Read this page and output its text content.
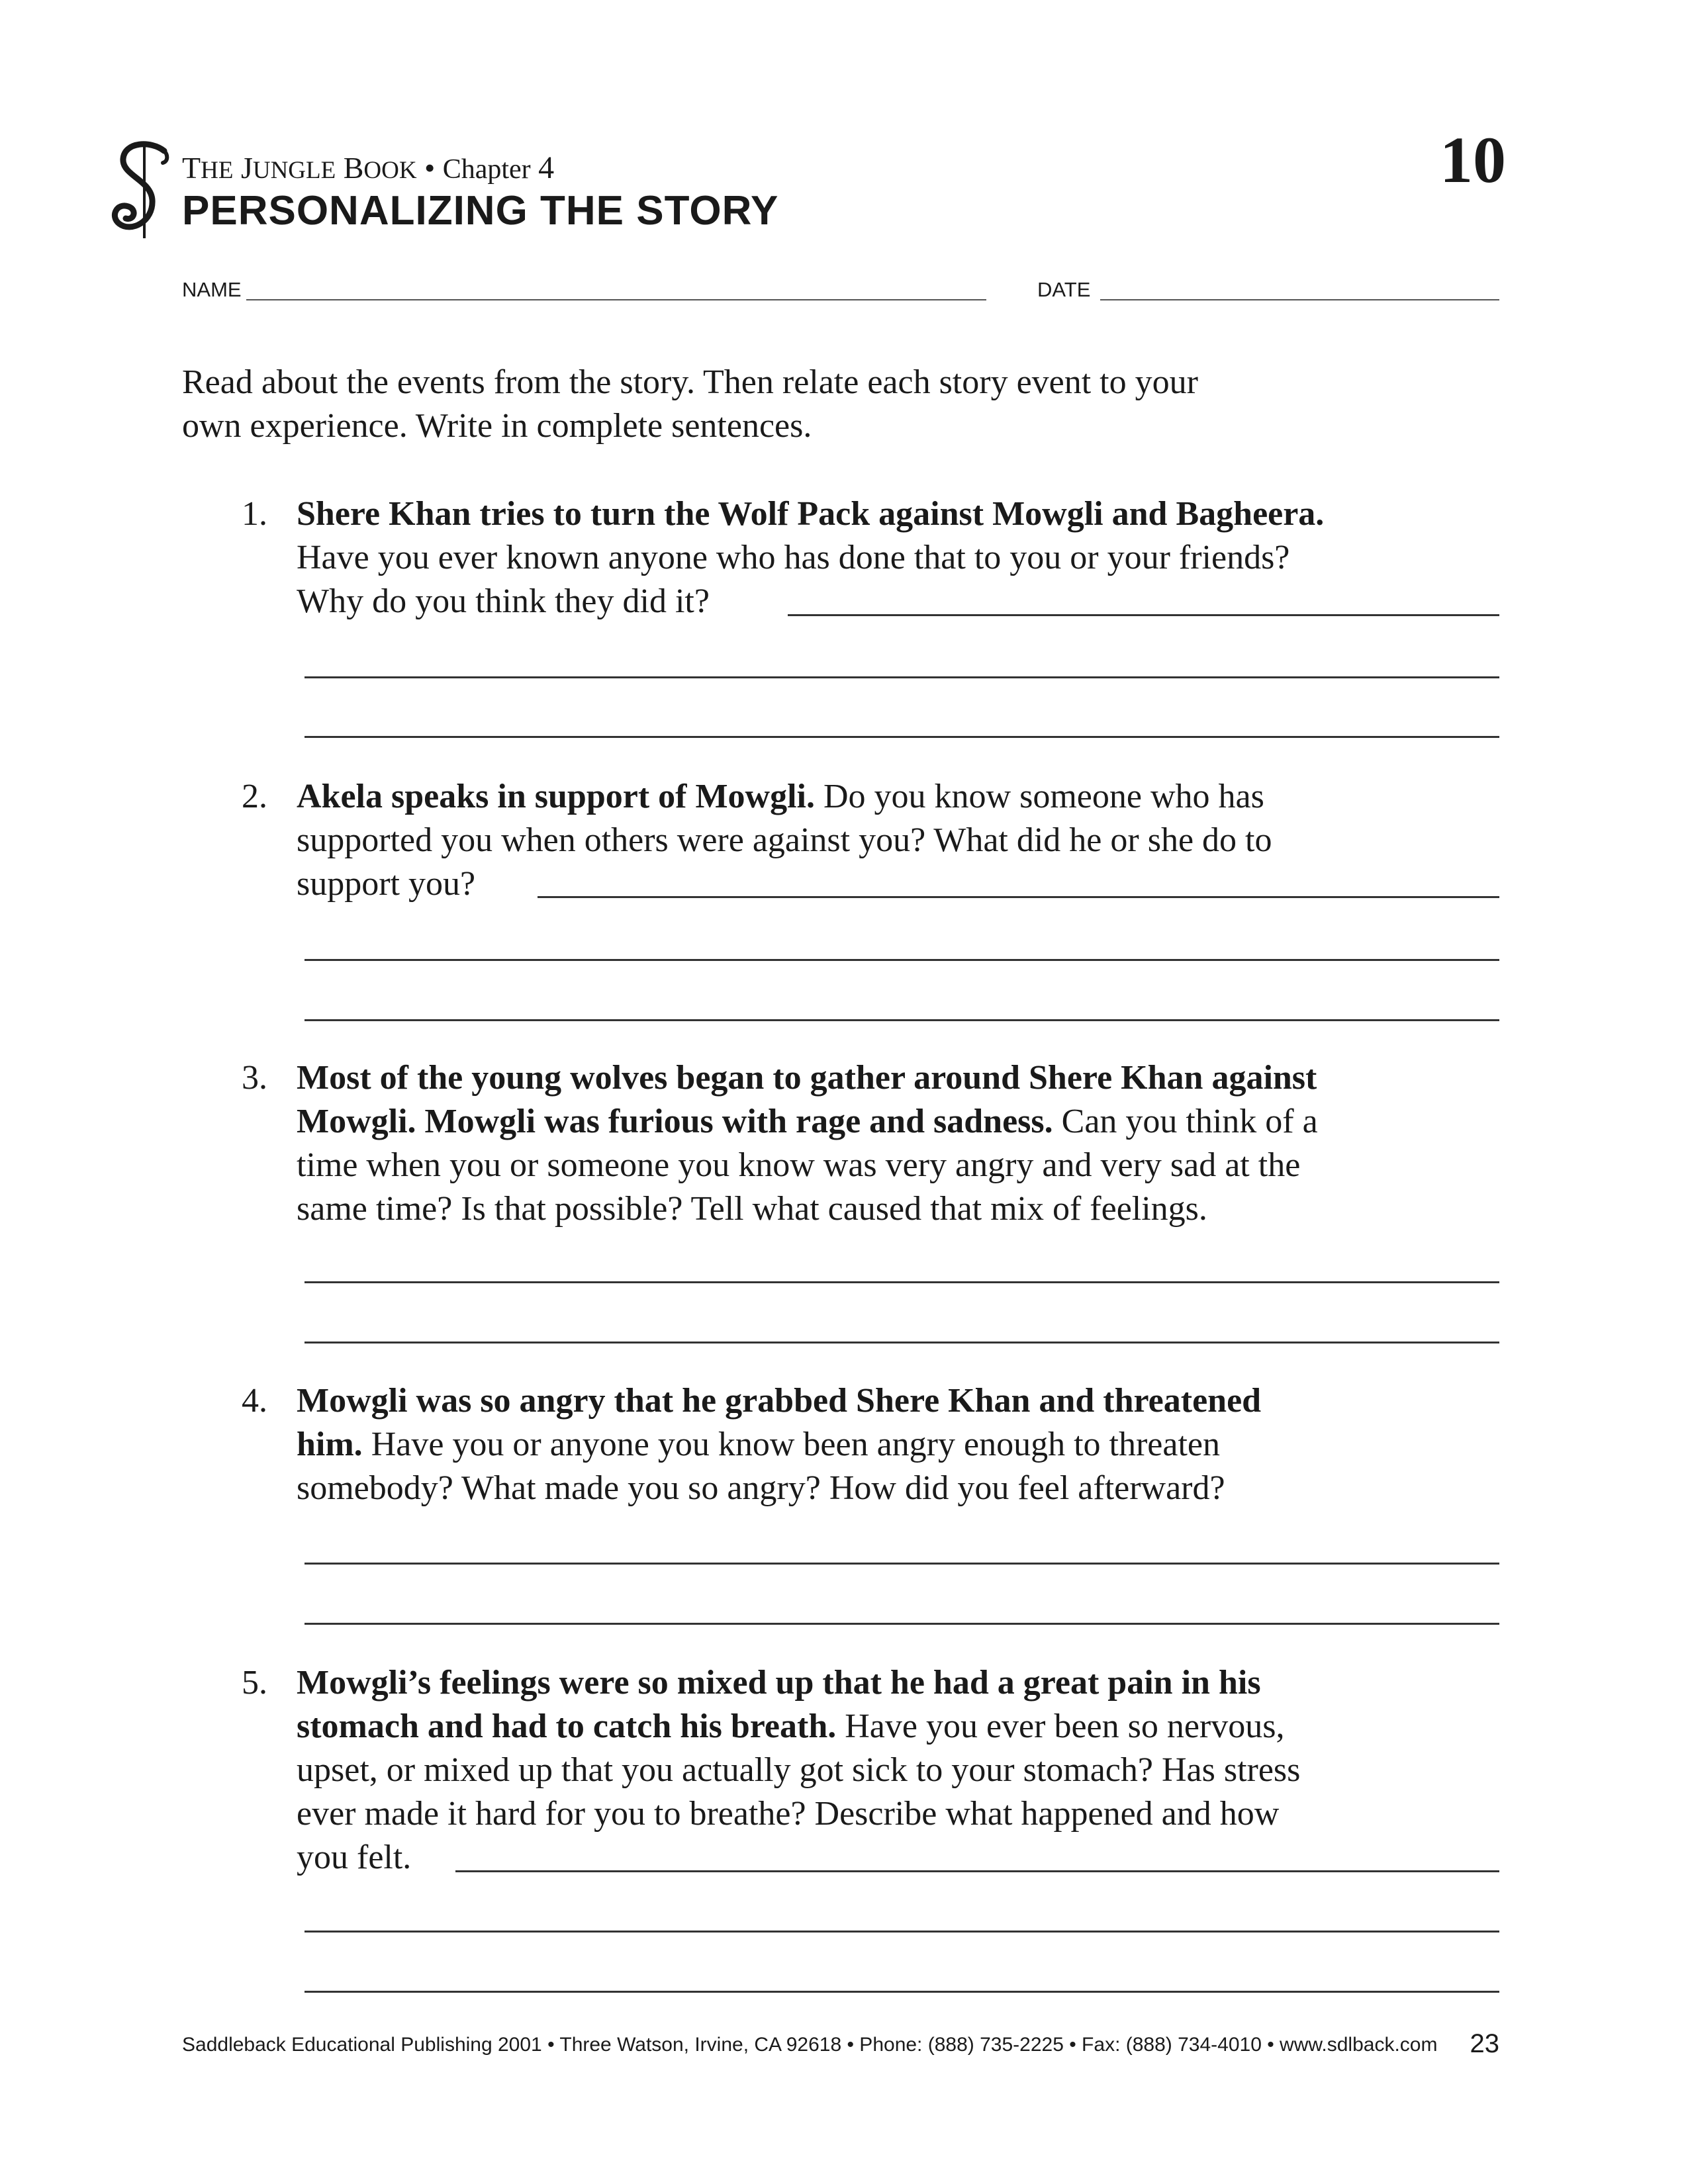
THE JUNGLE BOOK • Chapter 4
PERSONALIZING THE STORY
10
NAME	DATE
Read about the events from the story. Then relate each story event to your
own experience. Write in complete sentences.
1. Shere Khan tries to turn the Wolf Pack against Mowgli and Bagheera.
Have you ever known anyone who has done that to you or your friends?
Why do you think they did it?
2. Akela speaks in support of Mowgli. Do you know someone who has
supported you when others were against you? What did he or she do to
support you?
3. Most of the young wolves began to gather around Shere Khan against
Mowgli. Mowgli was furious with rage and sadness. Can you think of a
time when you or someone you know was very angry and very sad at the
same time? Is that possible? Tell what caused that mix of feelings.
4. Mowgli was so angry that he grabbed Shere Khan and threatened
him. Have you or anyone you know been angry enough to threaten
somebody? What made you so angry? How did you feel afterward?
5. Mowgli’s feelings were so mixed up that he had a great pain in his
stomach and had to catch his breath. Have you ever been so nervous,
upset, or mixed up that you actually got sick to your stomach? Has stress
ever made it hard for you to breathe? Describe what happened and how
you felt.
Saddleback Educational Publishing 2001 • Three Watson, Irvine, CA 92618 • Phone: (888) 735-2225 • Fax: (888) 734-4010 • www.sdlback.com 23
